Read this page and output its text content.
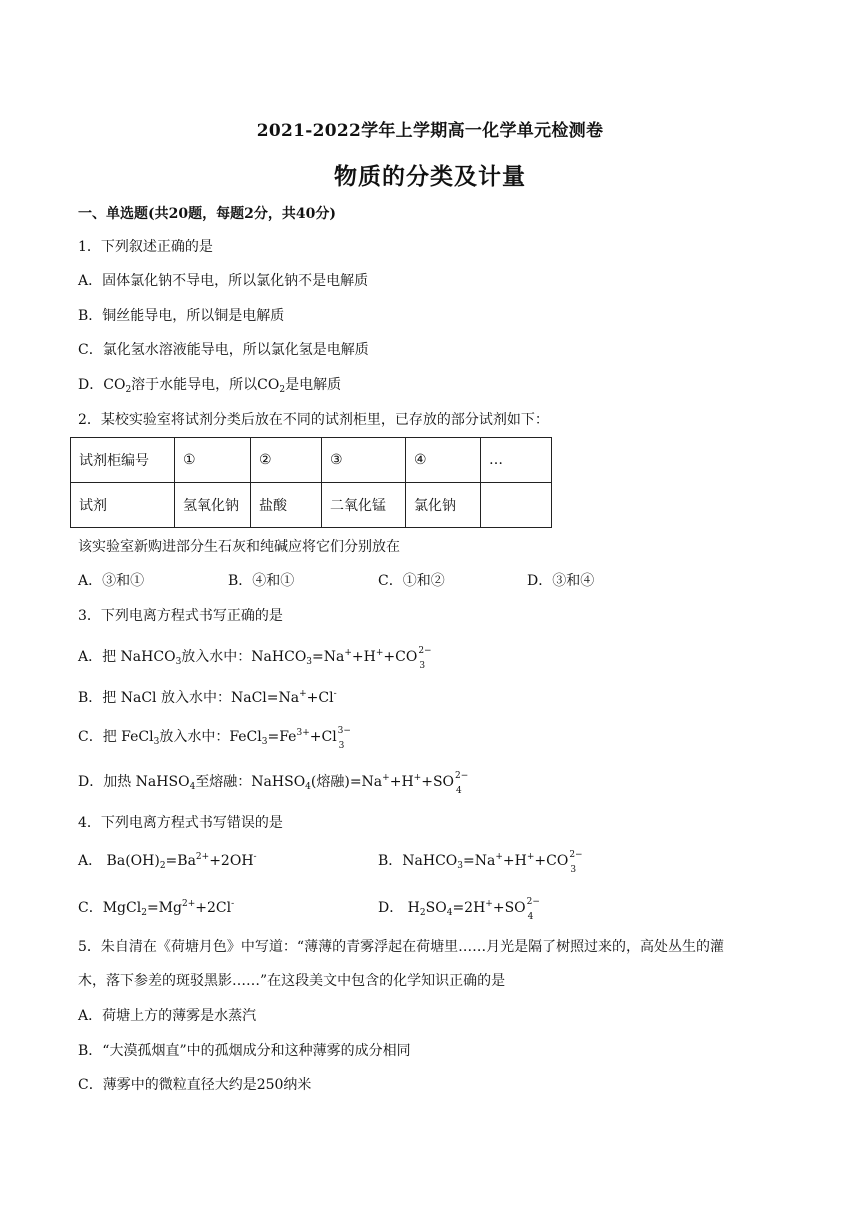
2021-2022学年上学期高一化学单元检测卷
物质的分类及计量
一、单选题(共20题，每题2分，共40分)
1．下列叙述正确的是
A．固体氯化钠不导电，所以氯化钠不是电解质
B．铜丝能导电，所以铜是电解质
C．氯化氢水溶液能导电，所以氯化氢是电解质
D．$CO_2$溶于水能导电，所以$CO_2$是电解质
2．某校实验室将试剂分类后放在不同的试剂柜里，已存放的部分试剂如下：
试剂柜编号	①	②	③	④	…
试剂	氢氧化钠	盐酸	二氧化锰	氯化钠	
该实验室新购进部分生石灰和纯碱应将它们分别放在
A．③和①	B．④和①	C．①和②	D．③和④
3．下列电离方程式书写正确的是
A．把 NaHCO$_3$放入水中：NaHCO$_3$=Na++H++CO 2−
3
B．把 NaCl 放入水中：NaCl=Na++Cl-
C．把 FeCl$_3$放入水中：$FeCl_3=Fe^{3+}+Cl$ 3−
3
D．加热 NaHSO$_4$至熔融：NaHSO$_4$(熔融)=Na++H++SO 2−
4
4．下列电离方程式书写错误的是
A． $Ba(OH)_2=Ba^{2+}+2OH^-$	B．NaHCO$_3$=Na++H++CO 2−
3
C．$MgCl_2=Mg^{2+}+2Cl^-$	D． $H_2SO_4=2H^++SO$ 2−
4
5．朱自清在《荷塘月色》中写道：“薄薄的青雾浮起在荷塘里……月光是隔了树照过来的，高处丛生的灌
木，落下参差的斑驳黑影……”在这段美文中包含的化学知识正确的是
A．荷塘上方的薄雾是水蒸汽
B．“大漠孤烟直”中的孤烟成分和这种薄雾的成分相同
C．薄雾中的微粒直径大约是250纳米
